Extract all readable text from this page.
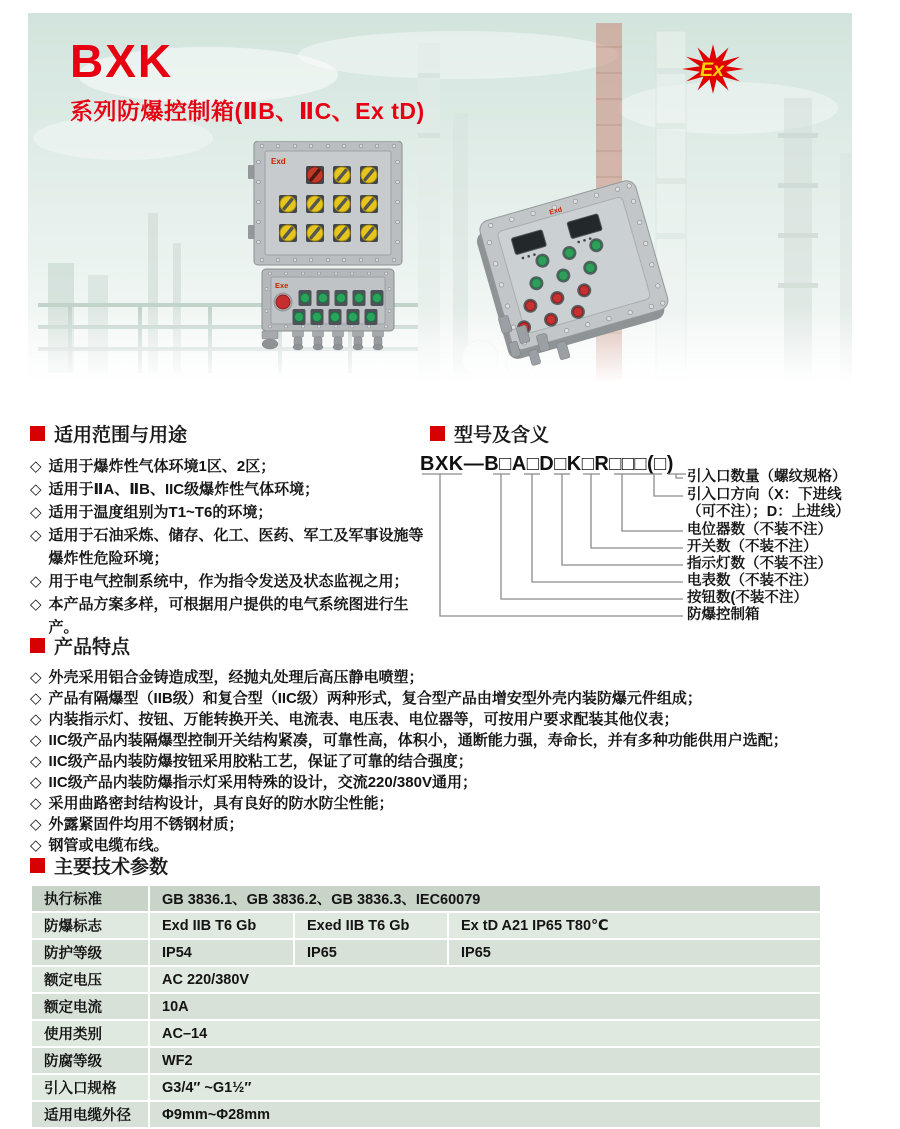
BXK
系列防爆控制箱(ⅡB、ⅡC、Ex tD)
Ex
Exd
Exe
Exd
适用范围与用途
◇ 适用于爆炸性气体环境1区、2区；
◇ 适用于ⅡA、ⅡB、IIC级爆炸性气体环境；
◇ 适用于温度组别为T1~T6的环境；
◇ 适用于石油采炼、储存、化工、医药、军工及军事设施等爆炸性危险环境；
◇ 用于电气控制系统中，作为指令发送及状态监视之用；
◇ 本产品方案多样，可根据用户提供的电气系统图进行生产。
型号及含义
BXK—B□A□D□K□R□□□(□)
引入口数量（螺纹规格）
引入口方向（X：下进线
（可不注）；D：上进线）
电位器数（不装不注）
开关数（不装不注）
指示灯数（不装不注）
电表数（不装不注）
按钮数(不装不注）
防爆控制箱
产品特点
◇ 外壳采用铝合金铸造成型，经抛丸处理后高压静电喷塑；
◇ 产品有隔爆型（IIB级）和复合型（IIC级）两种形式，复合型产品由增安型外壳内装防爆元件组成；
◇ 内装指示灯、按钮、万能转换开关、电流表、电压表、电位器等，可按用户要求配装其他仪表；
◇ IIC级产品内装隔爆型控制开关结构紧凑，可靠性高，体积小，通断能力强，寿命长，并有多种功能供用户选配；
◇ IIC级产品内装防爆按钮采用胶粘工艺，保证了可靠的结合强度；
◇ IIC级产品内装防爆指示灯采用特殊的设计，交流220/380V通用；
◇ 采用曲路密封结构设计，具有良好的防水防尘性能；
◇ 外露紧固件均用不锈钢材质；
◇ 钢管或电缆布线。
主要技术参数
执行标准	GB 3836.1、GB 3836.2、GB 3836.3、IEC60079		
防爆标志	Exd IIB T6 Gb	Exed IIB T6 Gb	Ex tD A21 IP65 T80℃
防护等级	IP54	IP65	IP65
额定电压	AC 220/380V		
额定电流	10A		
使用类别	AC–14		
防腐等级	WF2		
引入口规格	G3/4″ ~G1½″		
适用电缆外径	Φ9mm~Φ28mm		
